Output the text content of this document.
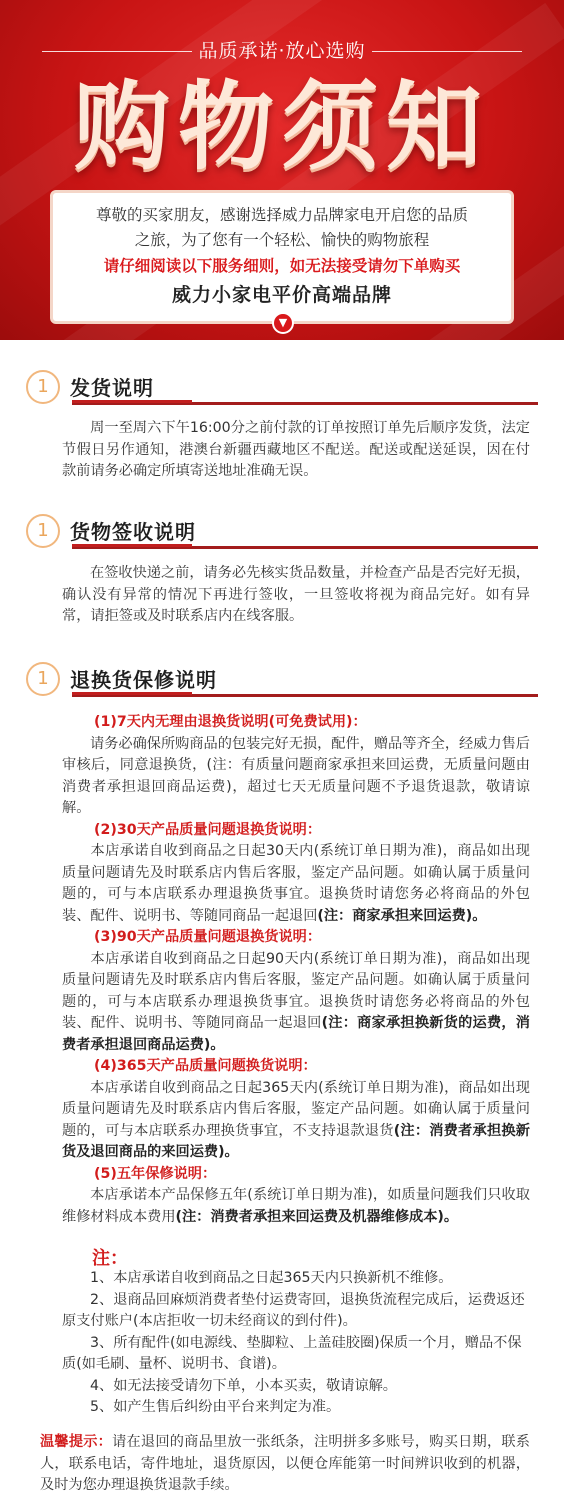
品质承诺·放心选购
购物须知
尊敬的买家朋友，感谢选择威力品牌家电开启您的品质
之旅，为了您有一个轻松、愉快的购物旅程
请仔细阅读以下服务细则，如无法接受请勿下单购买
威力小家电平价高端品牌
▼
1	发货说明
周一至周六下午16:00分之前付款的订单按照订单先后顺序发货，法定节假日另作通知，港澳台新疆西藏地区不配送。配送或配送延误，因在付款前请务必确定所填寄送地址准确无误。
1	货物签收说明
在签收快递之前，请务必先核实货品数量，并检查产品是否完好无损，确认没有异常的情况下再进行签收，一旦签收将视为商品完好。如有异常，请拒签或及时联系店内在线客服。
1	退换货保修说明
(1)7天内无理由退换货说明(可免费试用)：
请务必确保所购商品的包装完好无损，配件，赠品等齐全，经威力售后审核后，同意退换货，(注：有质量问题商家承担来回运费，无质量问题由消费者承担退回商品运费)，超过七天无质量问题不予退货退款，敬请谅解。
(2)30天产品质量问题退换货说明：
本店承诺自收到商品之日起30天内(系统订单日期为准)，商品如出现质量问题请先及时联系店内售后客服，鉴定产品问题。如确认属于质量问题的，可与本店联系办理退换货事宜。退换货时请您务必将商品的外包装、配件、说明书、等随同商品一起退回(注：商家承担来回运费)。
(3)90天产品质量问题退换货说明：
本店承诺自收到商品之日起90天内(系统订单日期为准)，商品如出现质量问题请先及时联系店内售后客服，鉴定产品问题。如确认属于质量问题的，可与本店联系办理退换货事宜。退换货时请您务必将商品的外包装、配件、说明书、等随同商品一起退回(注：商家承担换新货的运费，消费者承担退回商品运费)。
(4)365天产品质量问题换货说明：
本店承诺自收到商品之日起365天内(系统订单日期为准)，商品如出现质量问题请先及时联系店内售后客服，鉴定产品问题。如确认属于质量问题的，可与本店联系办理换货事宜，不支持退款退货(注：消费者承担换新货及退回商品的来回运费)。
(5)五年保修说明：
本店承诺本产品保修五年(系统订单日期为准)，如质量问题我们只收取维修材料成本费用(注：消费者承担来回运费及机器维修成本)。
注：
1、本店承诺自收到商品之日起365天内只换新机不维修。
2、退商品回麻烦消费者垫付运费寄回，退换货流程完成后，运费返还原支付账户(本店拒收一切未经商议的到付件)。
3、所有配件(如电源线、垫脚粒、上盖硅胶圈)保质一个月，赠品不保质(如毛刷、量杯、说明书、食谱)。
4、如无法接受请勿下单，小本买卖，敬请谅解。
5、如产生售后纠纷由平台来判定为准。
温馨提示：请在退回的商品里放一张纸条，注明拼多多账号，购买日期，联系人，联系电话，寄件地址，退货原因，以便仓库能第一时间辨识收到的机器，及时为您办理退换货退款手续。
